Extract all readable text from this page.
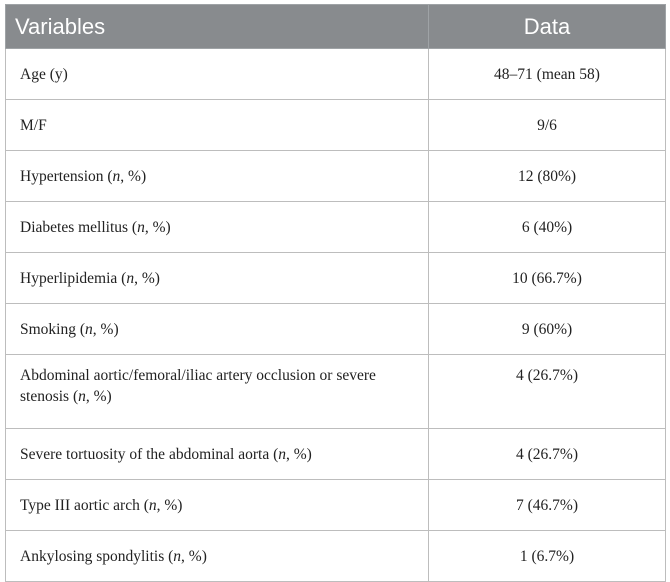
Variables	Data
Age (y)	48–71 (mean 58)
M/F	9/6
Hypertension (n, %)	12 (80%)
Diabetes mellitus (n, %)	6 (40%)
Hyperlipidemia (n, %)	10 (66.7%)
Smoking (n, %)	9 (60%)
Abdominal aortic/femoral/iliac artery occlusion or severe stenosis (n, %)	4 (26.7%)
Severe tortuosity of the abdominal aorta (n, %)	4 (26.7%)
Type III aortic arch (n, %)	7 (46.7%)
Ankylosing spondylitis (n, %)	1 (6.7%)
